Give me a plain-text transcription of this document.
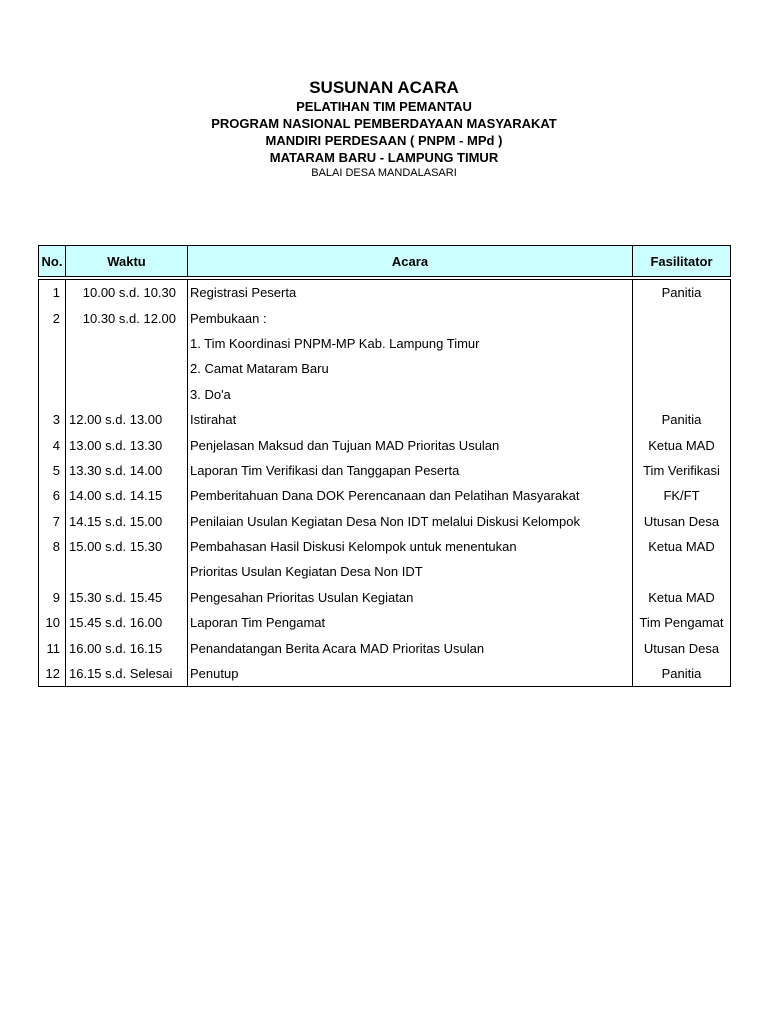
SUSUNAN ACARA
PELATIHAN TIM PEMANTAU
PROGRAM NASIONAL PEMBERDAYAAN MASYARAKAT
MANDIRI PERDESAAN ( PNPM - MPd )
MATARAM BARU - LAMPUNG TIMUR
BALAI DESA MANDALASARI
No.	Waktu	Acara	Fasilitator
1	10.00 s.d. 10.30	Registrasi Peserta	Panitia
2	10.30 s.d. 12.00	Pembukaan :	
		1. Tim Koordinasi PNPM-MP Kab. Lampung Timur	
		2. Camat Mataram Baru	
		3. Do'a	
3	12.00 s.d. 13.00	Istirahat	Panitia
4	13.00 s.d. 13.30	Penjelasan Maksud dan Tujuan MAD Prioritas Usulan	Ketua MAD
5	13.30 s.d. 14.00	Laporan Tim Verifikasi dan Tanggapan Peserta	Tim Verifikasi
6	14.00 s.d. 14.15	Pemberitahuan Dana DOK Perencanaan dan Pelatihan Masyarakat	FK/FT
7	14.15 s.d. 15.00	Penilaian Usulan Kegiatan Desa Non IDT melalui Diskusi Kelompok	Utusan Desa
8	15.00 s.d. 15.30	Pembahasan Hasil Diskusi Kelompok untuk menentukan	Ketua MAD
		Prioritas Usulan Kegiatan Desa Non IDT	
9	15.30 s.d. 15.45	Pengesahan Prioritas Usulan Kegiatan	Ketua MAD
10	15.45 s.d. 16.00	Laporan Tim Pengamat	Tim Pengamat
11	16.00 s.d. 16.15	Penandatangan Berita Acara MAD Prioritas Usulan	Utusan Desa
12	16.15 s.d. Selesai	Penutup	Panitia
